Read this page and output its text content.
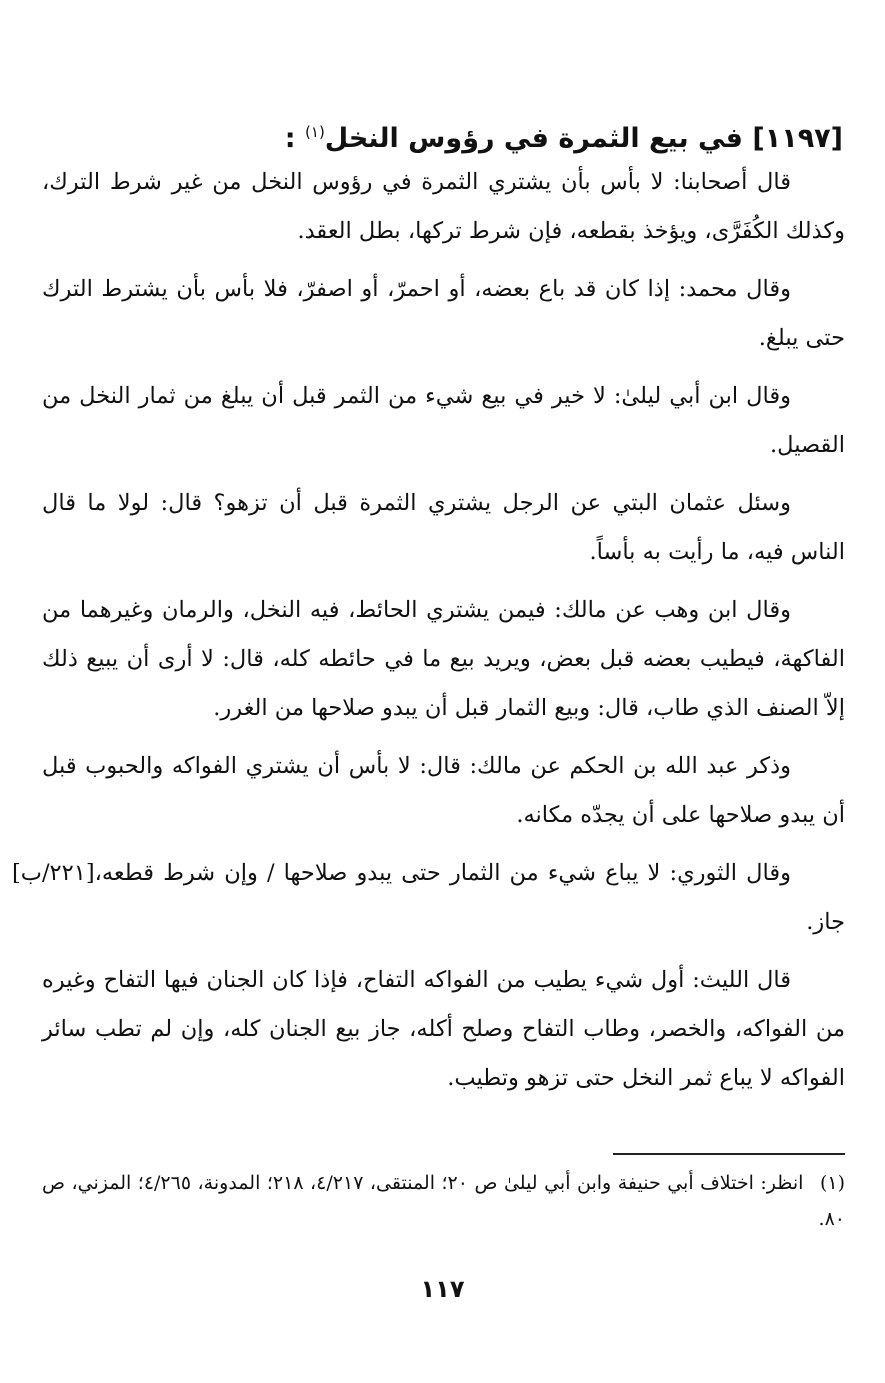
[١١٩٧] في بيع الثمرة في رؤوس النخل$^{(١)}$ :

قال أصحابنا: لا بأس بأن يشتري الثمرة في رؤوس النخل من غير شرط الترك، وكذلك الكُفَرَّى، ويؤخذ بقطعه، فإن شرط تركها، بطل العقد.

وقال محمد: إذا كان قد باع بعضه، أو احمرّ، أو اصفرّ، فلا بأس بأن يشترط الترك حتى يبلغ.

وقال ابن أبي ليلىٰ: لا خير في بيع شيء من الثمر قبل أن يبلغ من ثمار النخل من القصيل.

وسئل عثمان البتي عن الرجل يشتري الثمرة قبل أن تزهو؟ قال: لولا ما قال الناس فيه، ما رأيت به بأساً.

وقال ابن وهب عن مالك: فيمن يشتري الحائط، فيه النخل، والرمان وغيرهما من الفاكهة، فيطيب بعضه قبل بعض، ويريد بيع ما في حائطه كله، قال: لا أرى أن يبيع ذلك إلاّ الصنف الذي طاب، قال: وبيع الثمار قبل أن يبدو صلاحها من الغرر.

وذكر عبد الله بن الحكم عن مالك: قال: لا بأس أن يشتري الفواكه والحبوب قبل أن يبدو صلاحها على أن يجدّه مكانه.

وقال الثوري: لا يباع شيء من الثمار حتى يبدو صلاحها / وإن شرط قطعه،[٢٢١/ب] جاز.

قال الليث: أول شيء يطيب من الفواكه التفاح، فإذا كان الجنان فيها التفاح وغيره من الفواكه، والخصر، وطاب التفاح وصلح أكله، جاز بيع الجنان كله، وإن لم تطب سائر الفواكه لا يباع ثمر النخل حتى تزهو وتطيب.

(١) انظر: اختلاف أبي حنيفة وابن أبي ليلىٰ ص ٢٠؛ المنتقى، ٤/٢١٧، ٢١٨؛ المدونة، ٤/٢٦٥؛ المزني، ص ٨٠.
١١٧
